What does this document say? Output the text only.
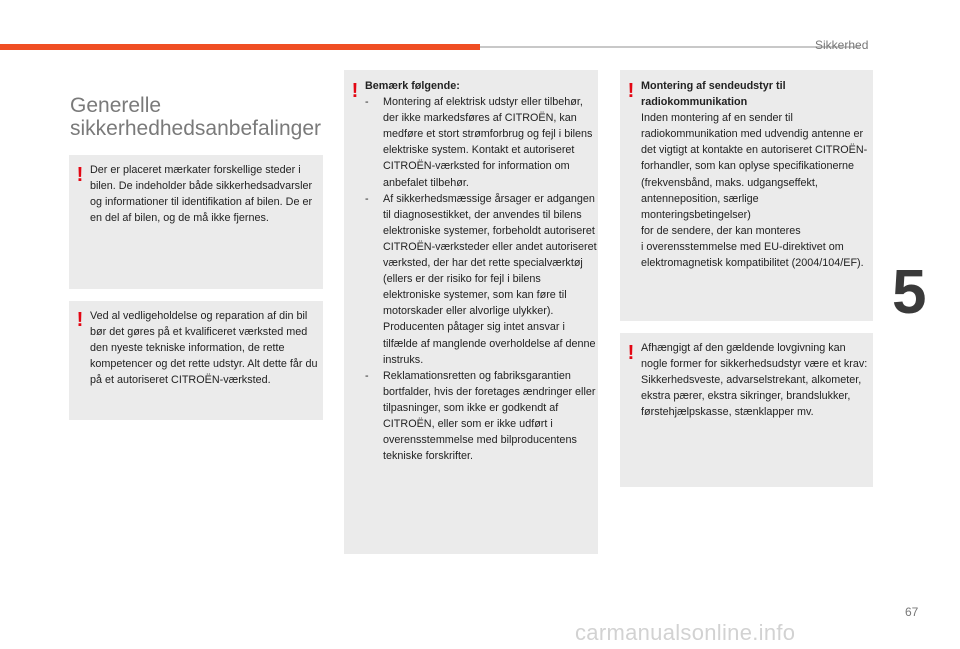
Sikkerhed
5
67
Generelle
sikkerhedhedsanbefalinger
! Der er placeret mærkater forskellige steder i bilen. De indeholder både sikkerhedsadvarsler og informationer til identifikation af bilen. De er en del af bilen, og de må ikke fjernes.
! Ved al vedligeholdelse og reparation af din bil bør det gøres på et kvalificeret værksted med den nyeste tekniske information, de rette kompetencer og det rette udstyr. Alt dette får du på et autoriseret CITROËN-værksted.
! Bemærk følgende:
- Montering af elektrisk udstyr eller tilbehør, der ikke markedsføres af CITROËN, kan medføre et stort strømforbrug og fejl i bilens elektriske system. Kontakt et autoriseret CITROËN-værksted for information om anbefalet tilbehør.
- Af sikkerhedsmæssige årsager er adgangen til diagnosestikket, der anvendes til bilens elektroniske systemer, forbeholdt autoriseret CITROËN-værksteder eller andet autoriseret værksted, der har det rette specialværktøj (ellers er der risiko for fejl i bilens elektroniske systemer, som kan føre til motorskader eller alvorlige ulykker). Producenten påtager sig intet ansvar i tilfælde af manglende overholdelse af denne instruks.
- Reklamationsretten og fabriksgarantien bortfalder, hvis der foretages ændringer eller tilpasninger, som ikke er godkendt af CITROËN, eller som er ikke udført i overensstemmelse med bilproducentens tekniske forskrifter.
! Montering af sendeudstyr til radiokommunikation
Inden montering af en sender til radiokommunikation med udvendig antenne er det vigtigt at kontakte en autoriseret CITROËN-forhandler, som kan oplyse specifikationerne (frekvensbånd, maks. udgangseffekt, antenneposition, særlige monteringsbetingelser)
for de sendere, der kan monteres
i overensstemmelse med EU-direktivet om elektromagnetisk kompatibilitet (2004/104/EF).
! Afhængigt af den gældende lovgivning kan nogle former for sikkerhedsudstyr være et krav: Sikkerhedsveste, advarselstrekant, alkometer, ekstra pærer, ekstra sikringer, brandslukker, førstehjælpskasse, stænklapper mv.
carmanualsonline.info
